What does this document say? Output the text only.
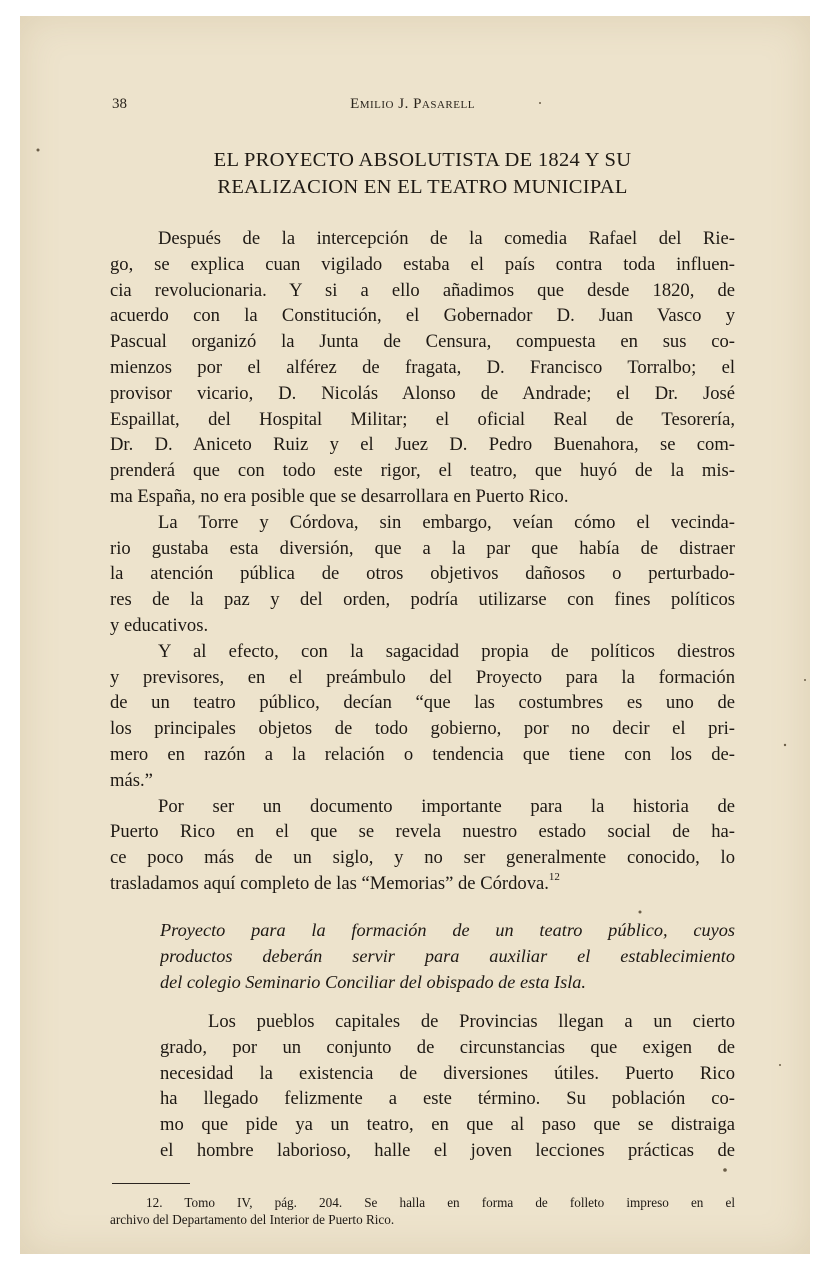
38	Emilio J. Pasarell
EL PROYECTO ABSOLUTISTA DE 1824 Y SU
REALIZACION EN EL TEATRO MUNICIPAL
Después de la intercepción de la comedia Rafael del Rie-
go, se explica cuan vigilado estaba el país contra toda influen-
cia revolucionaria. Y si a ello añadimos que desde 1820, de
acuerdo con la Constitución, el Gobernador D. Juan Vasco y
Pascual organizó la Junta de Censura, compuesta en sus co-
mienzos por el alférez de fragata, D. Francisco Torralbo; el
provisor vicario, D. Nicolás Alonso de Andrade; el Dr. José
Espaillat, del Hospital Militar; el oficial Real de Tesorería,
Dr. D. Aniceto Ruiz y el Juez D. Pedro Buenahora, se com-
prenderá que con todo este rigor, el teatro, que huyó de la mis-
ma España, no era posible que se desarrollara en Puerto Rico.
La Torre y Córdova, sin embargo, veían cómo el vecinda-
rio gustaba esta diversión, que a la par que había de distraer
la atención pública de otros objetivos dañosos o perturbado-
res de la paz y del orden, podría utilizarse con fines políticos
y educativos.
Y al efecto, con la sagacidad propia de políticos diestros
y previsores, en el preámbulo del Proyecto para la formación
de un teatro público, decían “que las costumbres es uno de
los principales objetos de todo gobierno, por no decir el pri-
mero en razón a la relación o tendencia que tiene con los de-
más.”
Por ser un documento importante para la historia de
Puerto Rico en el que se revela nuestro estado social de ha-
ce poco más de un siglo, y no ser generalmente conocido, lo
trasladamos aquí completo de las “Memorias” de Córdova.$^{12}$
Proyecto para la formación de un teatro público, cuyos
productos deberán servir para auxiliar el establecimiento
del colegio Seminario Conciliar del obispado de esta Isla.
Los pueblos capitales de Provincias llegan a un cierto
grado, por un conjunto de circunstancias que exigen de
necesidad la existencia de diversiones útiles. Puerto Rico
ha llegado felizmente a este término. Su población co-
mo que pide ya un teatro, en que al paso que se distraiga
el hombre laborioso, halle el joven lecciones prácticas de
12. Tomo IV, pág. 204. Se halla en forma de folleto impreso en el
archivo del Departamento del Interior de Puerto Rico.
